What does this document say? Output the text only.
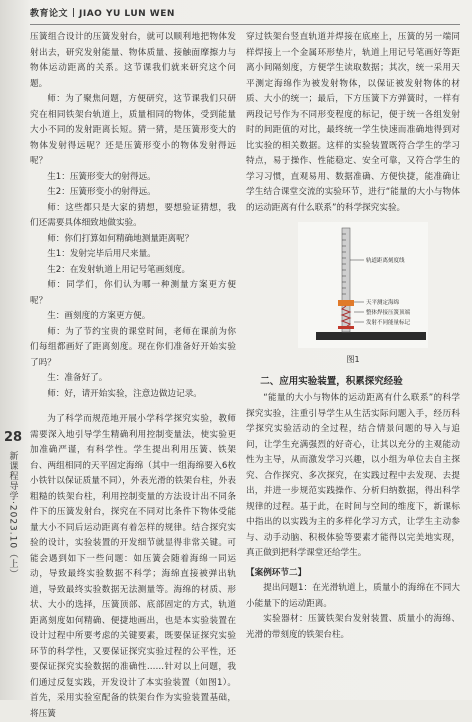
教育论文 JIAO YU LUN WEN
28
新课程导学·2023.10（上）

压簧组合设计的压簧发射台，就可以顺利地把物体发射出去，研究发射能量、物体质量、接触面摩擦力与物体运动距离的关系。这节课我们就来研究这个问题。

师：为了聚焦问题，方便研究，这节课我们只研究在相同铁架台轨道上，质量相同的物体，受到能量大小不同的发射距离长短。猜一猜，是压簧形变大的物体发射得远呢？还是压簧形变小的物体发射得远呢？

生1：压簧形变大的射得远。

生2：压簧形变小的射得远。

师：这些都只是大家的猜想，要想验证猜想，我们还需要具体细致地做实验。

师：你们打算如何精确地测量距离呢？

生1：发射完毕后用尺来量。

生2：在发射轨道上用记号笔画刻度。

师：同学们，你们认为哪一种测量方案更方便呢？

生：画刻度的方案更方便。

师：为了节约宝贵的课堂时间，老师在课前为你们每组都画好了距离刻度。现在你们准备好开始实验了吗？

生：准备好了。

师：好，请开始实验，注意边做边记录。

为了科学而规范地开展小学科学探究实验，教师需要深入地引导学生精确利用控制变量法，使实验更加准确严谨，有科学性。学生提出利用压簧、铁架台、两组相同的天平固定海绵（其中一组海绵要入6枚小铁针以保证质量不同），外表光滑的铁架台柱，外表粗糙的铁架台柱，利用控制变量的方法设计出不同条件下的压簧发射台，探究在不同对比条件下物体受能量大小不同后运动距离有着怎样的规律。结合探究实验的设计，实验装置的开发细节就显得非常关键。可能会遇到如下一些问题：如压簧会随着海绵一同运动，导致最终实验数据不科学；海绵直接被弹出轨道，导致最终实验数据无法测量等。海绵的材质、形状、大小的选择，压簧顶部、底部固定的方式，轨道距离刻度如何精确、便捷地画出，也是本实验装置在设计过程中所要考虑的关键要素，既要保证探究实验环节的科学性，又要保证探究实验过程的公平性，还要保证探究实验数据的准确性……针对以上问题，我们通过反复实践，开发设计了本实验装置（如图1）。首先，采用实验室配备的铁架台作为实验装置基础，将压簧

穿过铁架台竖直轨道并焊接在底座上，压簧的另一端同样焊接上一个金属环形垫片，轨道上用记号笔画好等距离小间隔刻度，方便学生读取数据；其次，统一采用天平测定海绵作为被发射物体，以保证被发射物体的材质、大小的统一；最后，下方压簧下方弹簧时，一样有两段记号作为不同形变程度的标记，便于统一各组发射时的间距值的对比，最终统一学生快速而准确地得到对比实验的相关数据。这样的实验装置既符合学生的学习特点，易于操作、性能稳定、安全可靠，又符合学生的学习习惯，直观易用、数据准确、方便快捷，能准确让学生结合课堂交流的实验环节，进行“能量的大小与物体的运动距离有什么联系”的科学探究实验。

轨道距离刻度线
天平测定海绵
整体焊接压簧顶端
发射不同能量标记
图1
二、应用实验装置，积累探究经验

“能量的大小与物体的运动距离有什么联系”的科学探究实验，注重引导学生从生活实际问题入手，经历科学探究实验活动的全过程，结合情景问题的导入与追问，让学生充满强烈的好奇心，让其以充分的主观能动性为主导，从而激发学习兴趣，以小组为单位去自主探究、合作探究、多次探究，在实践过程中去发现、去提出，并进一步规范实践操作、分析归纳数据，得出科学规律的过程。基于此，在时间与空间的维度下，新课标中指出的以实践为主的多样化学习方式，让学生主动参与、动手动脑、积极体验等要素才能得以完美地实现，真正做到把科学课堂还给学生。

【案例环节二】

提出问题1：在光滑轨道上，质量小的海绵在不同大小能量下的运动距离。

实验器材：压簧铁架台发射装置、质量小的海绵、光滑的带刻度的铁架台柱。
